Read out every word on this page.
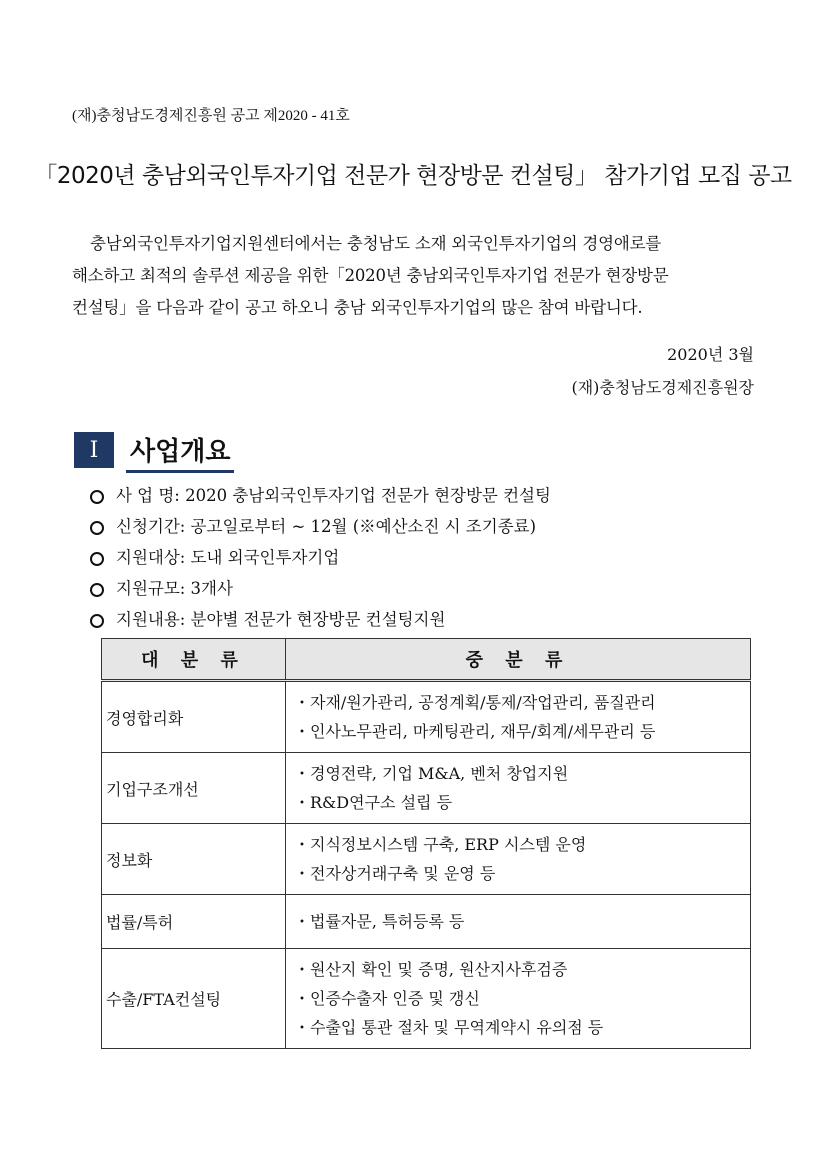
(재)충청남도경제진흥원 공고 제2020 - 41호
「2020년 충남외국인투자기업 전문가 현장방문 컨설팅」 참가기업 모집 공고
충남외국인투자기업지원센터에서는 충청남도 소재 외국인투자기업의 경영애로를
해소하고 최적의 솔루션 제공을 위한「2020년 충남외국인투자기업 전문가 현장방문
컨설팅」을 다음과 같이 공고 하오니 충남 외국인투자기업의 많은 참여 바랍니다.
2020년 3월
(재)충청남도경제진흥원장
Ⅰ	사업개요
사 업 명: 2020 충남외국인투자기업 전문가 현장방문 컨설팅
신청기간: 공고일로부터 ~ 12월 (※예산소진 시 조기종료)
지원대상: 도내 외국인투자기업
지원규모: 3개사
지원내용: 분야별 전문가 현장방문 컨설팅지원
대 분 류	중 분 류

경영합리화	・자재/원가관리, 공정계획/통제/작업관리, 품질관리
・인사노무관리, 마케팅관리, 재무/회계/세무관리 등

기업구조개선	・경영전략, 기업 M&A, 벤처 창업지원
・R&D연구소 설립 등

정보화	・지식정보시스템 구축, ERP 시스템 운영
・전자상거래구축 및 운영 등

법률/특허	・법률자문, 특허등록 등

수출/FTA컨설팅	・원산지 확인 및 증명, 원산지사후검증
・인증수출자 인증 및 갱신
・수출입 통관 절차 및 무역계약시 유의점 등
